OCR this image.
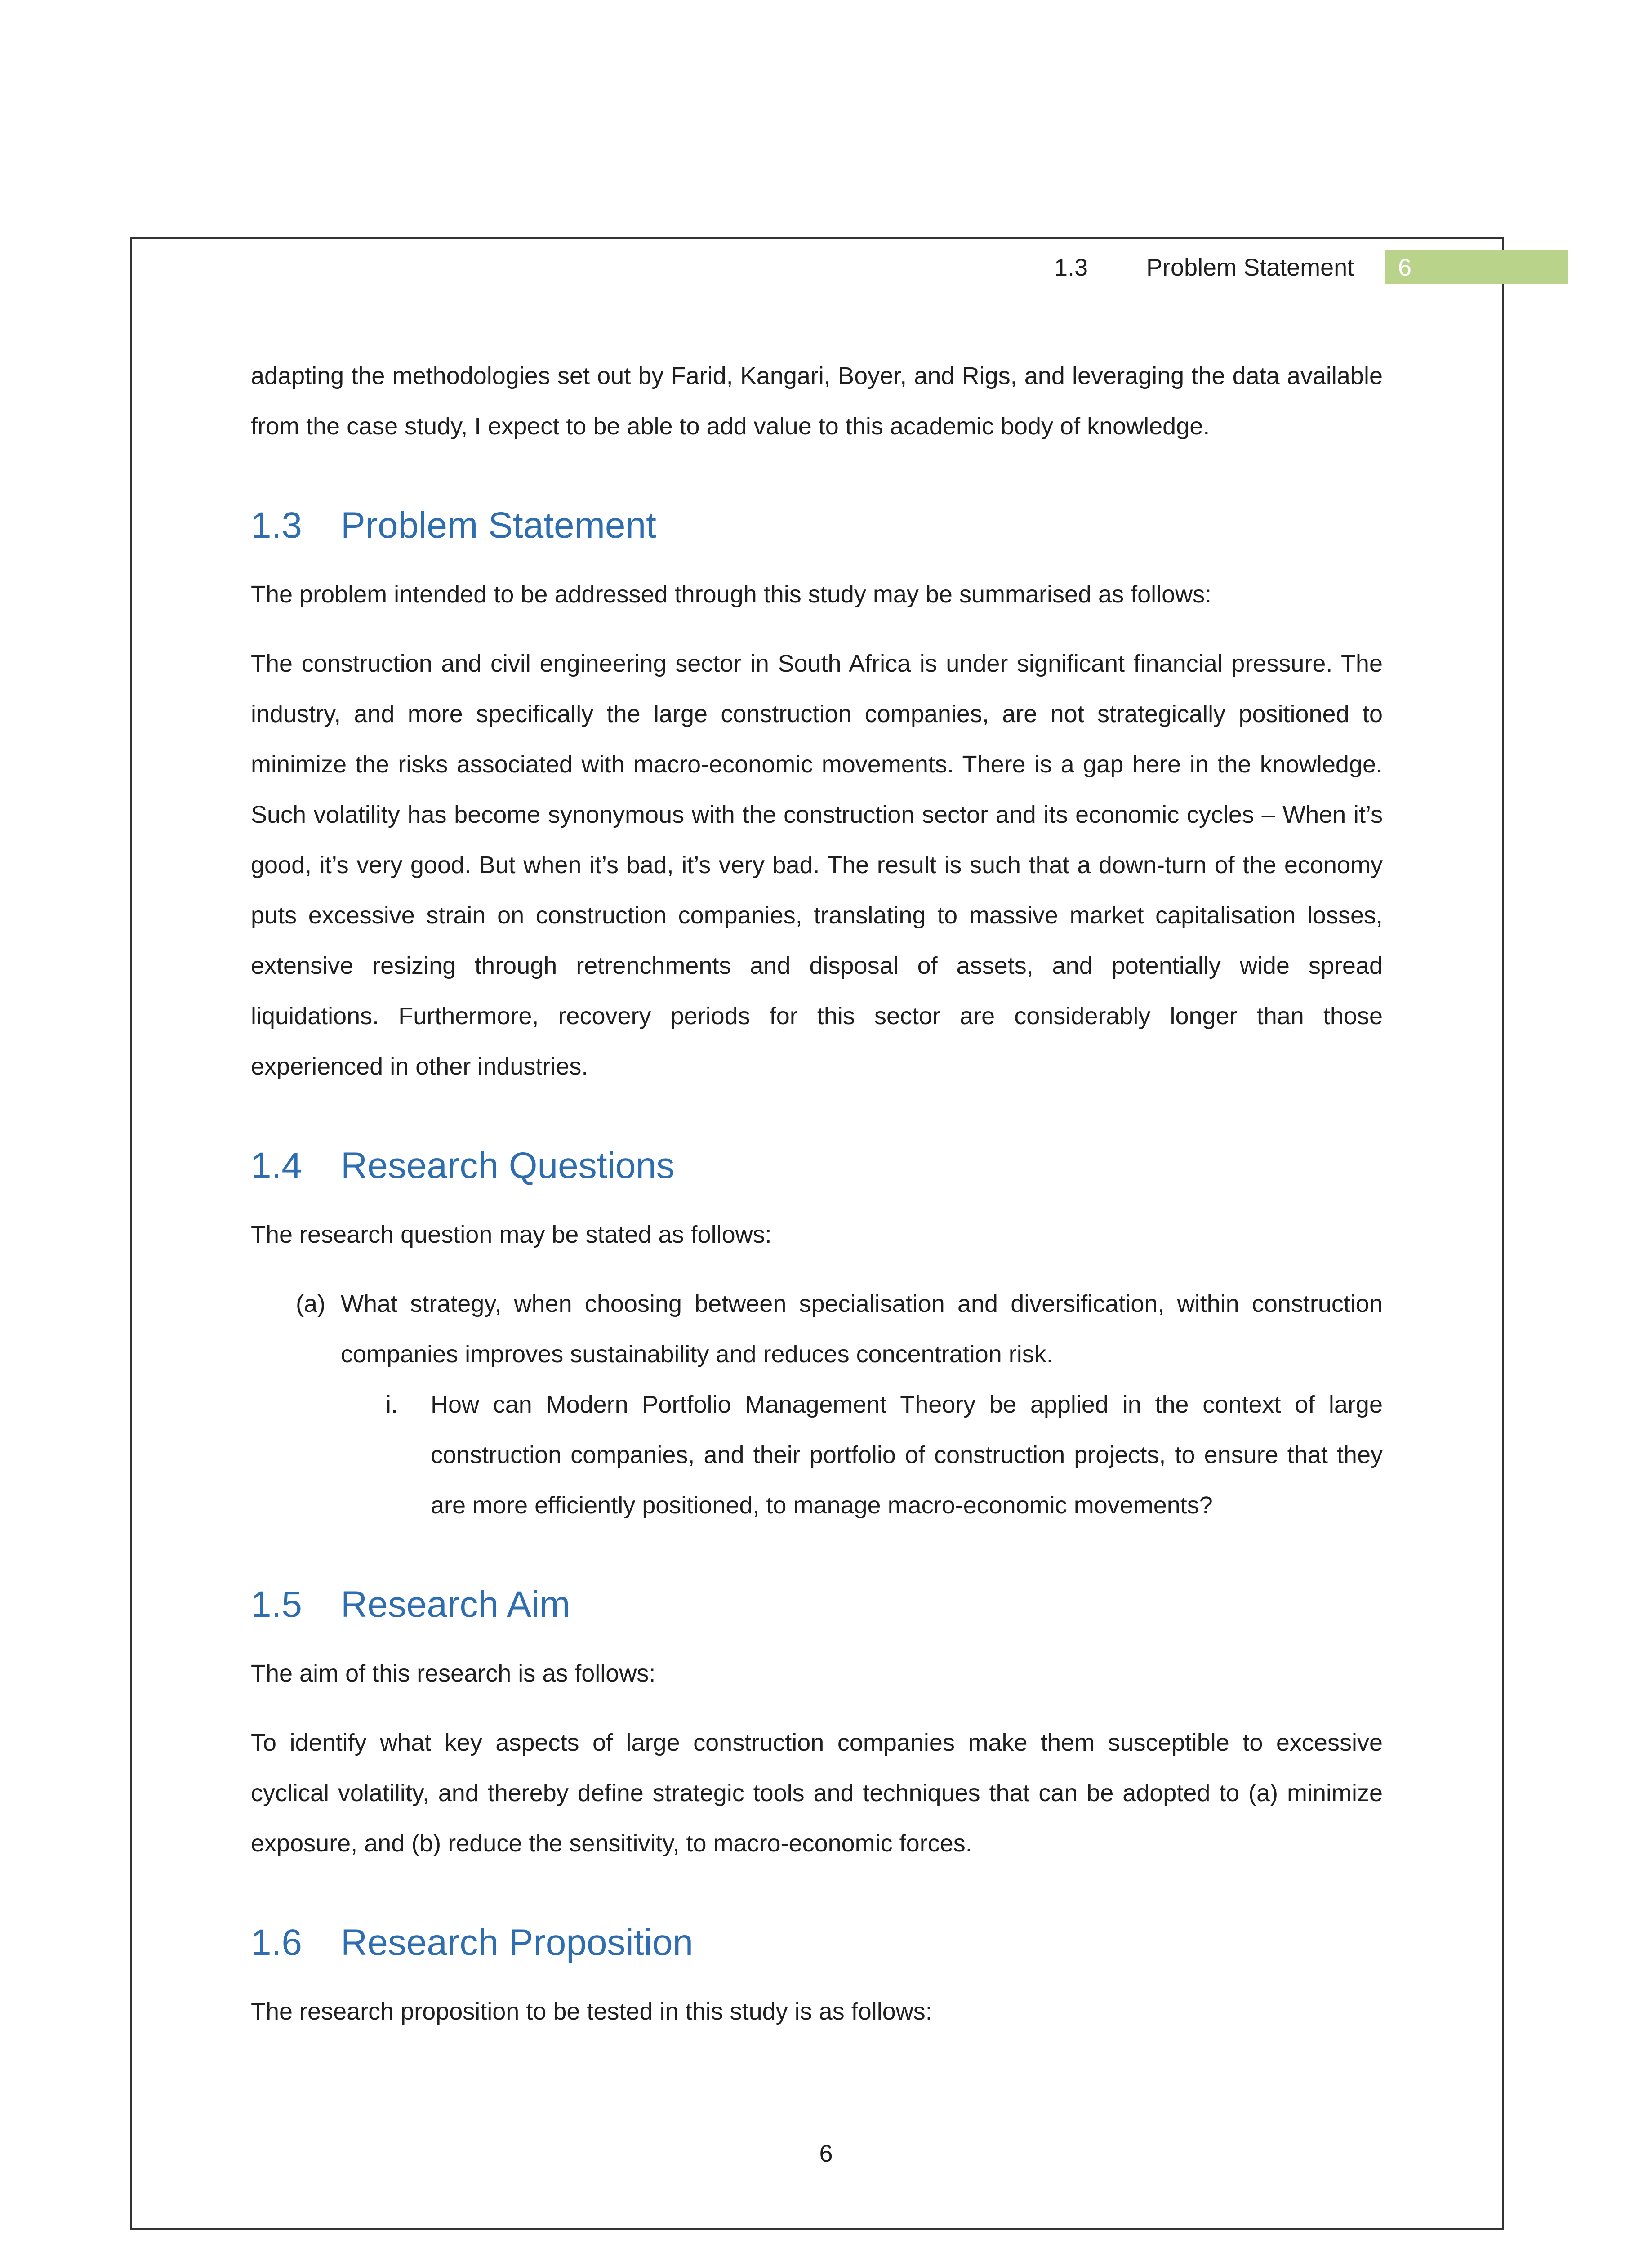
1.3 Problem Statement	6

adapting the methodologies set out by Farid, Kangari, Boyer, and Rigs, and leveraging the data available from the case study, I expect to be able to add value to this academic body of knowledge.

1.3 Problem Statement

The problem intended to be addressed through this study may be summarised as follows:

The construction and civil engineering sector in South Africa is under significant financial pressure. The industry, and more specifically the large construction companies, are not strategically positioned to minimize the risks associated with macro-economic movements. There is a gap here in the knowledge. Such volatility has become synonymous with the construction sector and its economic cycles – When it’s good, it’s very good. But when it’s bad, it’s very bad. The result is such that a down-turn of the economy puts excessive strain on construction companies, translating to massive market capitalisation losses, extensive resizing through retrenchments and disposal of assets, and potentially wide spread liquidations. Furthermore, recovery periods for this sector are considerably longer than those experienced in other industries.

1.4 Research Questions

The research question may be stated as follows:

(a) What strategy, when choosing between specialisation and diversification, within construction companies improves sustainability and reduces concentration risk.

i. How can Modern Portfolio Management Theory be applied in the context of large construction companies, and their portfolio of construction projects, to ensure that they are more efficiently positioned, to manage macro-economic movements?

1.5 Research Aim

The aim of this research is as follows:

To identify what key aspects of large construction companies make them susceptible to excessive cyclical volatility, and thereby define strategic tools and techniques that can be adopted to (a) minimize exposure, and (b) reduce the sensitivity, to macro-economic forces.

1.6 Research Proposition

The research proposition to be tested in this study is as follows:

6
